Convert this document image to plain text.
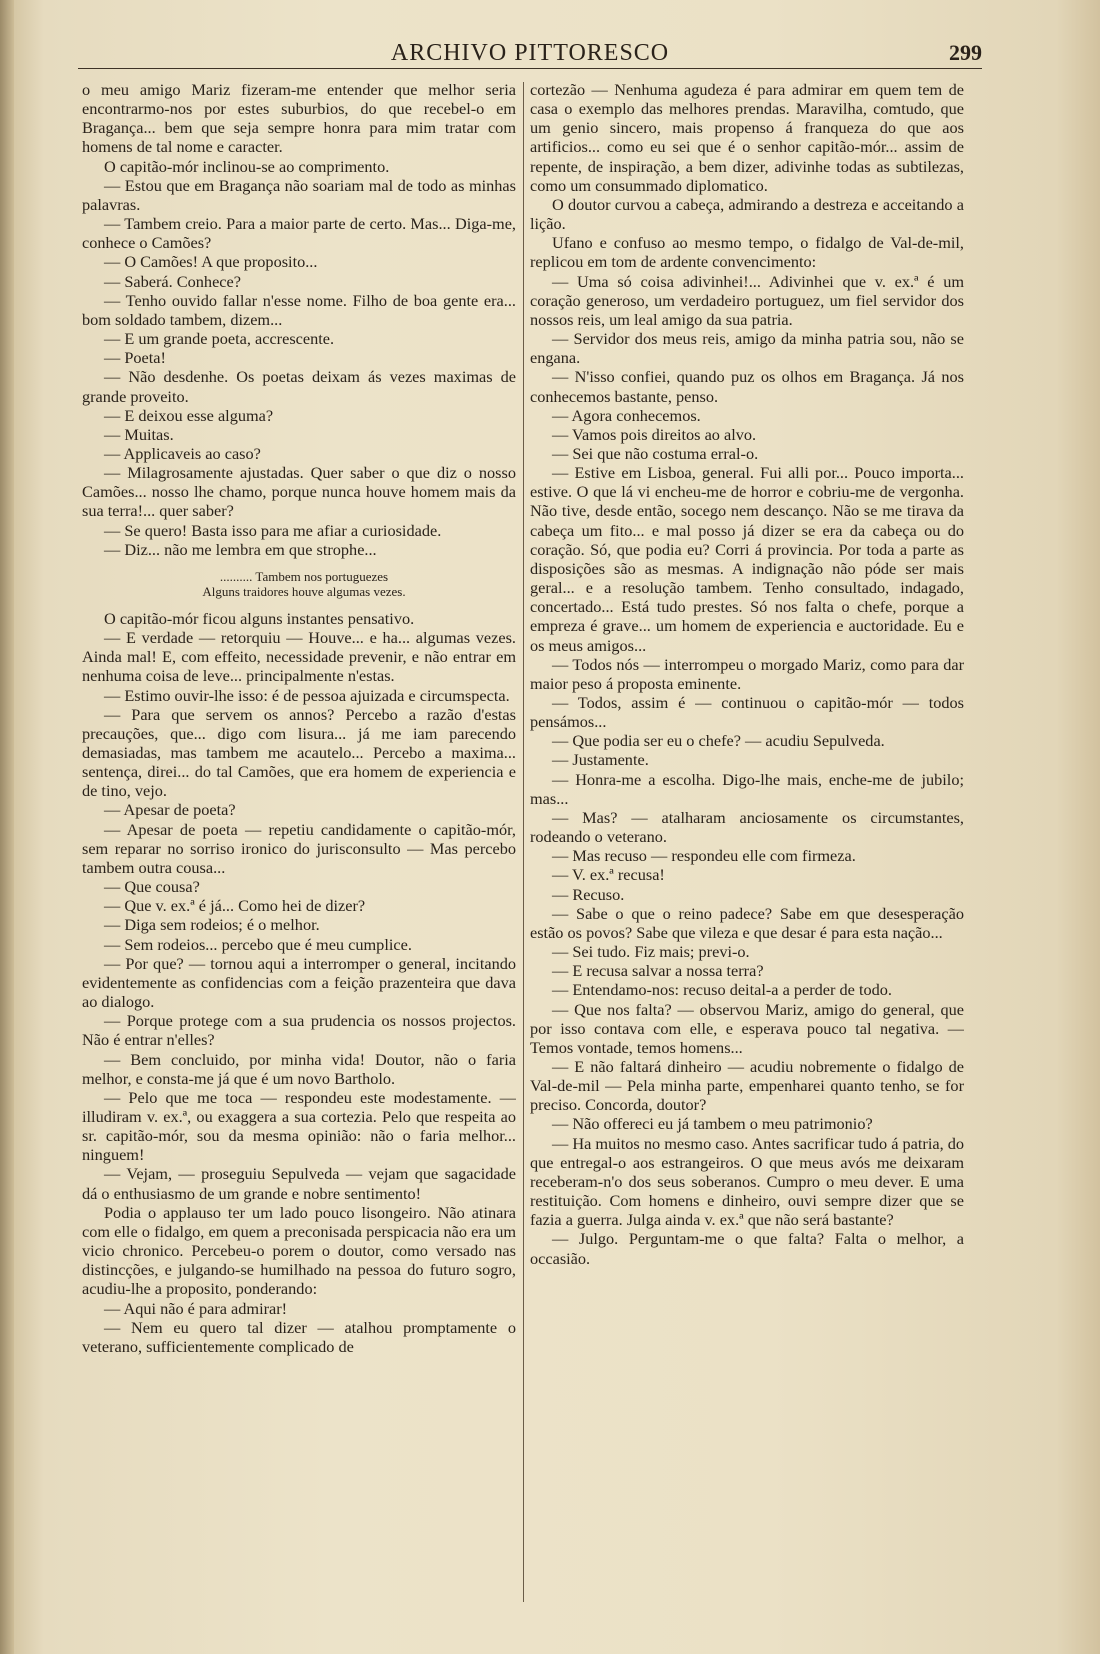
ARCHIVO PITTORESCO	299

o meu amigo Mariz fizeram-me entender que melhor seria encontrarmo-nos por estes suburbios, do que recebel-o em Bragança... bem que seja sempre honra para mim tratar com homens de tal nome e caracter.

O capitão-mór inclinou-se ao comprimento.

— Estou que em Bragança não soariam mal de todo as minhas palavras.

— Tambem creio. Para a maior parte de certo. Mas... Diga-me, conhece o Camões?

— O Camões! A que proposito...

— Saberá. Conhece?

— Tenho ouvido fallar n'esse nome. Filho de boa gente era... bom soldado tambem, dizem...

— E um grande poeta, accrescente.

— Poeta!

— Não desdenhe. Os poetas deixam ás vezes maximas de grande proveito.

— E deixou esse alguma?

— Muitas.

— Applicaveis ao caso?

— Milagrosamente ajustadas. Quer saber o que diz o nosso Camões... nosso lhe chamo, porque nunca houve homem mais da sua terra!... quer saber?

— Se quero! Basta isso para me afiar a curiosidade.

— Diz... não me lembra em que strophe...

.......... Tambem nos portuguezes
Alguns traidores houve algumas vezes.

O capitão-mór ficou alguns instantes pensativo.

— E verdade — retorquiu — Houve... e ha... algumas vezes. Ainda mal! E, com effeito, necessidade prevenir, e não entrar em nenhuma coisa de leve... principalmente n'estas.

— Estimo ouvir-lhe isso: é de pessoa ajuizada e circumspecta.

— Para que servem os annos? Percebo a razão d'estas precauções, que... digo com lisura... já me iam parecendo demasiadas, mas tambem me acautelo... Percebo a maxima... sentença, direi... do tal Camões, que era homem de experiencia e de tino, vejo.

— Apesar de poeta?

— Apesar de poeta — repetiu candidamente o capitão-mór, sem reparar no sorriso ironico do jurisconsulto — Mas percebo tambem outra cousa...

— Que cousa?

— Que v. ex.ª é já... Como hei de dizer?

— Diga sem rodeios; é o melhor.

— Sem rodeios... percebo que é meu cumplice.

— Por que? — tornou aqui a interromper o general, incitando evidentemente as confidencias com a feição prazenteira que dava ao dialogo.

— Porque protege com a sua prudencia os nossos projectos. Não é entrar n'elles?

— Bem concluido, por minha vida! Doutor, não o faria melhor, e consta-me já que é um novo Bartholo.

— Pelo que me toca — respondeu este modestamente. — illudiram v. ex.ª, ou exaggera a sua cortezia. Pelo que respeita ao sr. capitão-mór, sou da mesma opinião: não o faria melhor... ninguem!

— Vejam, — proseguiu Sepulveda — vejam que sagacidade dá o enthusiasmo de um grande e nobre sentimento!

Podia o applauso ter um lado pouco lisongeiro. Não atinara com elle o fidalgo, em quem a preconisada perspicacia não era um vicio chronico. Percebeu-o porem o doutor, como versado nas distincções, e julgando-se humilhado na pessoa do futuro sogro, acudiu-lhe a proposito, ponderando:

— Aqui não é para admirar!

— Nem eu quero tal dizer — atalhou promptamente o veterano, sufficientemente complicado de

cortezão — Nenhuma agudeza é para admirar em quem tem de casa o exemplo das melhores prendas. Maravilha, comtudo, que um genio sincero, mais propenso á franqueza do que aos artificios... como eu sei que é o senhor capitão-mór... assim de repente, de inspiração, a bem dizer, adivinhe todas as subtilezas, como um consummado diplomatico.

O doutor curvou a cabeça, admirando a destreza e acceitando a lição.

Ufano e confuso ao mesmo tempo, o fidalgo de Val-de-mil, replicou em tom de ardente convencimento:

— Uma só coisa adivinhei!... Adivinhei que v. ex.ª é um coração generoso, um verdadeiro portuguez, um fiel servidor dos nossos reis, um leal amigo da sua patria.

— Servidor dos meus reis, amigo da minha patria sou, não se engana.

— N'isso confiei, quando puz os olhos em Bragança. Já nos conhecemos bastante, penso.

— Agora conhecemos.

— Vamos pois direitos ao alvo.

— Sei que não costuma erral-o.

— Estive em Lisboa, general. Fui alli por... Pouco importa... estive. O que lá vi encheu-me de horror e cobriu-me de vergonha. Não tive, desde então, socego nem descanço. Não se me tirava da cabeça um fito... e mal posso já dizer se era da cabeça ou do coração. Só, que podia eu? Corri á provincia. Por toda a parte as disposições são as mesmas. A indignação não póde ser mais geral... e a resolução tambem. Tenho consultado, indagado, concertado... Está tudo prestes. Só nos falta o chefe, porque a empreza é grave... um homem de experiencia e auctoridade. Eu e os meus amigos...

— Todos nós — interrompeu o morgado Mariz, como para dar maior peso á proposta eminente.

— Todos, assim é — continuou o capitão-mór — todos pensámos...

— Que podia ser eu o chefe? — acudiu Sepulveda.

— Justamente.

— Honra-me a escolha. Digo-lhe mais, enche-me de jubilo; mas...

— Mas? — atalharam anciosamente os circumstantes, rodeando o veterano.

— Mas recuso — respondeu elle com firmeza.

— V. ex.ª recusa!

— Recuso.

— Sabe o que o reino padece? Sabe em que desesperação estão os povos? Sabe que vileza e que desar é para esta nação...

— Sei tudo. Fiz mais; previ-o.

— E recusa salvar a nossa terra?

— Entendamo-nos: recuso deital-a a perder de todo.

— Que nos falta? — observou Mariz, amigo do general, que por isso contava com elle, e esperava pouco tal negativa. — Temos vontade, temos homens...

— E não faltará dinheiro — acudiu nobremente o fidalgo de Val-de-mil — Pela minha parte, empenharei quanto tenho, se for preciso. Concorda, doutor?

— Não offereci eu já tambem o meu patrimonio?

— Ha muitos no mesmo caso. Antes sacrificar tudo á patria, do que entregal-o aos estrangeiros. O que meus avós me deixaram receberam-n'o dos seus soberanos. Cumpro o meu dever. E uma restituição. Com homens e dinheiro, ouvi sempre dizer que se fazia a guerra. Julga ainda v. ex.ª que não será bastante?

— Julgo. Perguntam-me o que falta? Falta o melhor, a occasião.
